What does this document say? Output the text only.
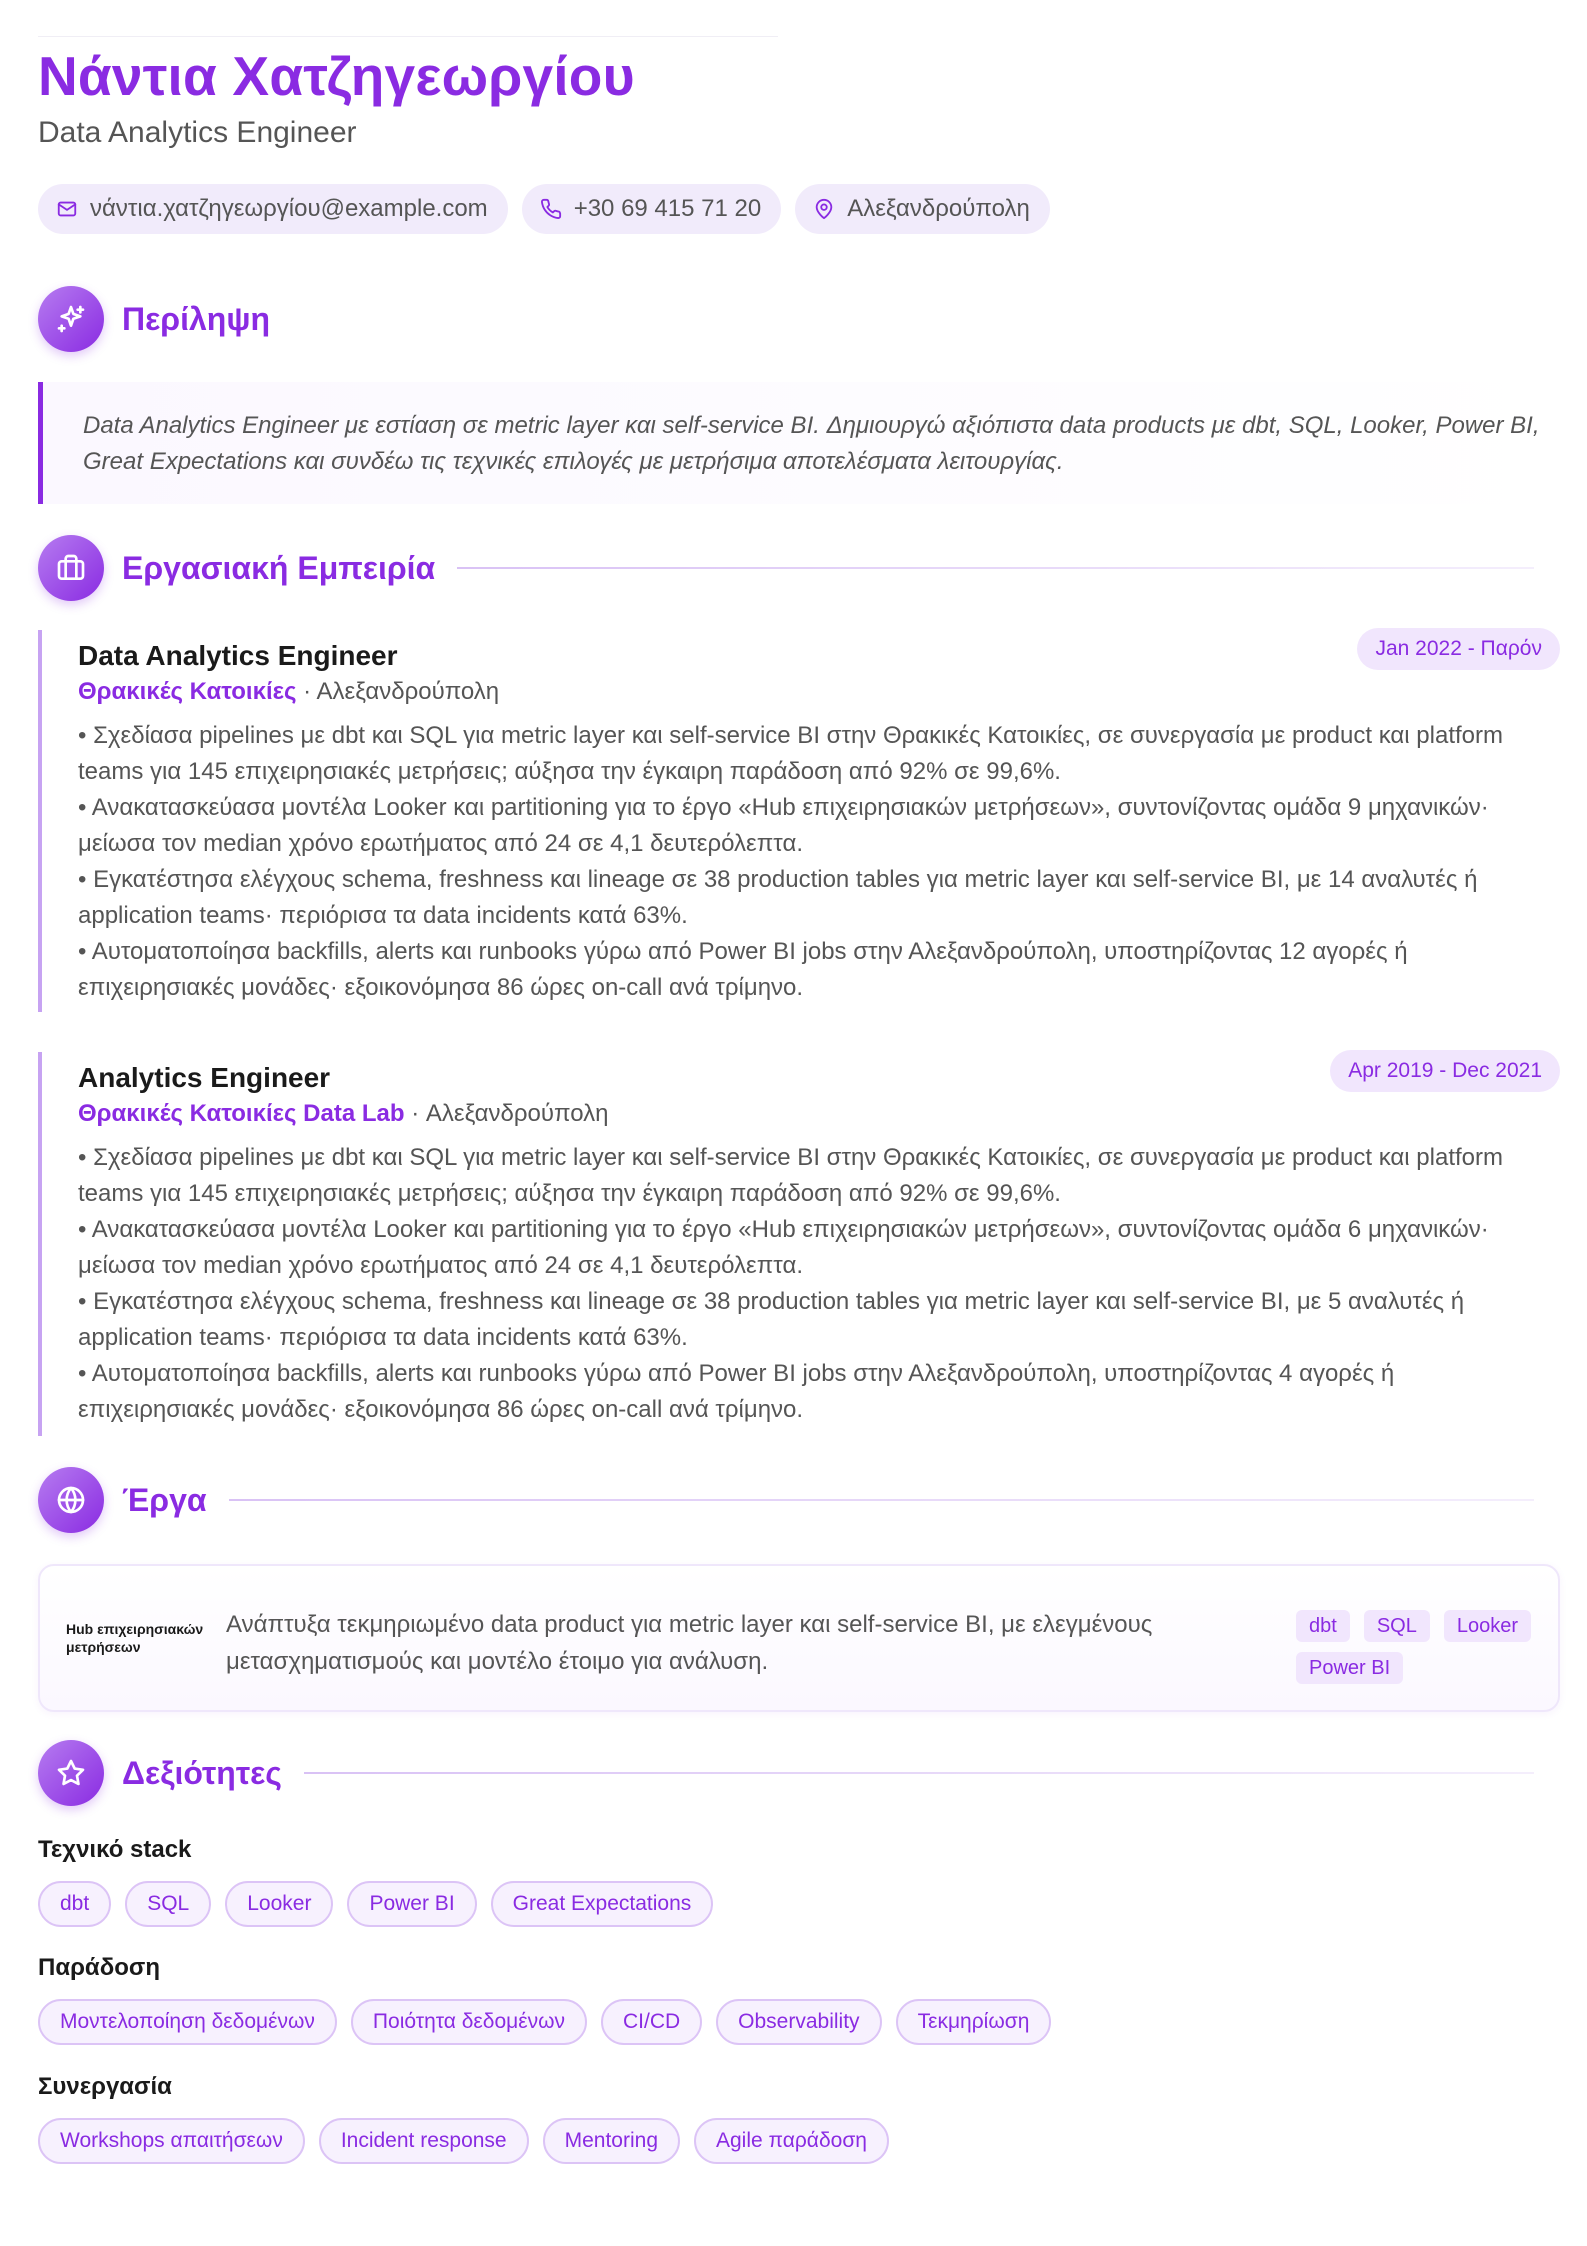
Νάντια Χατζηγεωργίου
Data Analytics Engineer
νάντια.χατζηγεωργίου@example.com	+30 69 415 71 20	Αλεξανδρούπολη
Περίληψη
Data Analytics Engineer με εστίαση σε metric layer και self-service BI. Δημιουργώ αξιόπιστα data products με dbt, SQL, Looker, Power BI,
Great Expectations και συνδέω τις τεχνικές επιλογές με μετρήσιμα αποτελέσματα λειτουργίας.
Εργασιακή Εμπειρία
Jan 2022 - Παρόν
Data Analytics Engineer
Θρακικές Κατοικίες · Αλεξανδρούπολη
• Σχεδίασα pipelines με dbt και SQL για metric layer και self-service BI στην Θρακικές Κατοικίες, σε συνεργασία με product και platform
teams για 145 επιχειρησιακές μετρήσεις; αύξησα την έγκαιρη παράδοση από 92% σε 99,6%.
• Ανακατασκεύασα μοντέλα Looker και partitioning για το έργο «Hub επιχειρησιακών μετρήσεων», συντονίζοντας ομάδα 9 μηχανικών·
μείωσα τον median χρόνο ερωτήματος από 24 σε 4,1 δευτερόλεπτα.
• Εγκατέστησα ελέγχους schema, freshness και lineage σε 38 production tables για metric layer και self-service BI, με 14 αναλυτές ή
application teams· περιόρισα τα data incidents κατά 63%.
• Αυτοματοποίησα backfills, alerts και runbooks γύρω από Power BI jobs στην Αλεξανδρούπολη, υποστηρίζοντας 12 αγορές ή
επιχειρησιακές μονάδες· εξοικονόμησα 86 ώρες on-call ανά τρίμηνο.
Apr 2019 - Dec 2021
Analytics Engineer
Θρακικές Κατοικίες Data Lab · Αλεξανδρούπολη
• Σχεδίασα pipelines με dbt και SQL για metric layer και self-service BI στην Θρακικές Κατοικίες, σε συνεργασία με product και platform
teams για 145 επιχειρησιακές μετρήσεις; αύξησα την έγκαιρη παράδοση από 92% σε 99,6%.
• Ανακατασκεύασα μοντέλα Looker και partitioning για το έργο «Hub επιχειρησιακών μετρήσεων», συντονίζοντας ομάδα 6 μηχανικών·
μείωσα τον median χρόνο ερωτήματος από 24 σε 4,1 δευτερόλεπτα.
• Εγκατέστησα ελέγχους schema, freshness και lineage σε 38 production tables για metric layer και self-service BI, με 5 αναλυτές ή
application teams· περιόρισα τα data incidents κατά 63%.
• Αυτοματοποίησα backfills, alerts και runbooks γύρω από Power BI jobs στην Αλεξανδρούπολη, υποστηρίζοντας 4 αγορές ή
επιχειρησιακές μονάδες· εξοικονόμησα 86 ώρες on-call ανά τρίμηνο.
Έργα
Hub επιχειρησιακών μετρήσεων
Ανάπτυξα τεκμηριωμένο data product για metric layer και self-service BI, με ελεγμένους
μετασχηματισμούς και μοντέλο έτοιμο για ανάλυση.
dbt	SQL	Looker
Power BI
Δεξιότητες
Τεχνικό stack
dbt	SQL	Looker	Power BI	Great Expectations
Παράδοση
Μοντελοποίηση δεδομένων	Ποιότητα δεδομένων	CI/CD	Observability	Τεκμηρίωση
Συνεργασία
Workshops απαιτήσεων	Incident response	Mentoring	Agile παράδοση
